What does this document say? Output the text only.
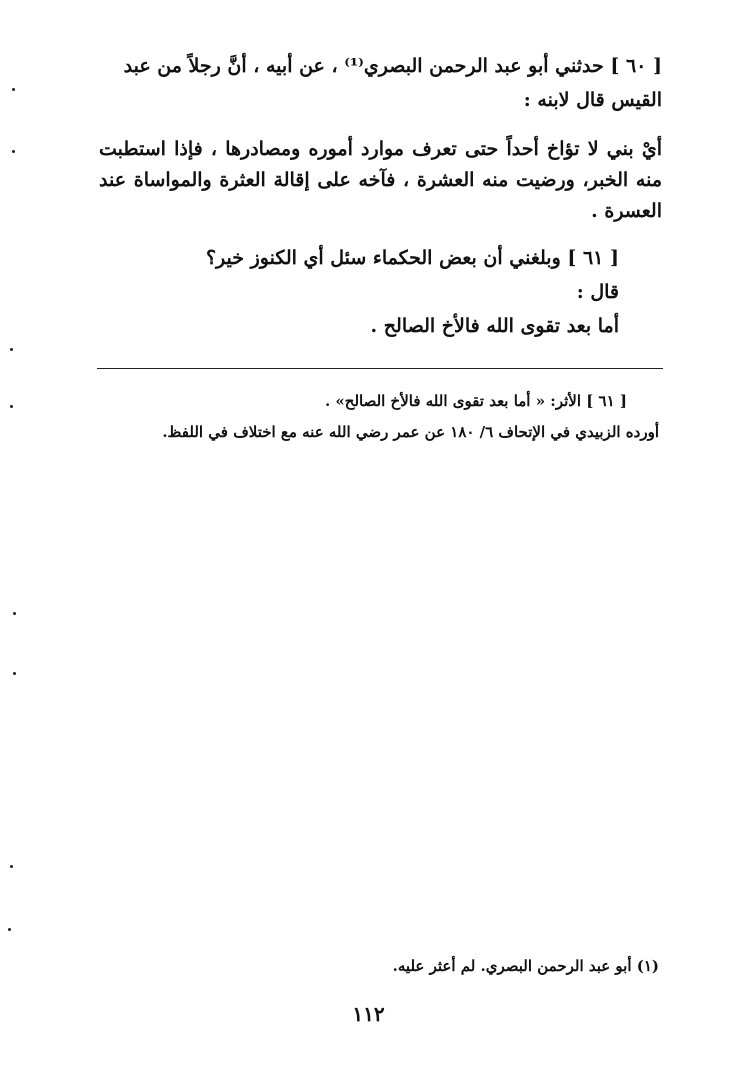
[ ٦٠ ] حدثني أبو عبد الرحمن البصري⁽¹⁾ ، عن أبيه ، أنَّ رجلاً من عبد
القيس قال لابنه :
أيْ بني لا تؤاخ أحداً حتى تعرف موارد أموره ومصادرها ، فإذا استطبت
منه الخبر، ورضيت منه العشرة ، فآخه على إقالة العثرة والمواساة عند
العسرة .
[ ٦١ ] وبلغني أن بعض الحكماء سئل أي الكنوز خير؟
قال :
أما بعد تقوى الله فالأخ الصالح .
[ ٦١ ] الأثر: « أما بعد تقوى الله فالأخ الصالح» .
أورده الزبيدي في الإتحاف ٦/ ١٨٠ عن عمر رضي الله عنه مع اختلاف في اللفظ.
(١) أبو عبد الرحمن البصري. لم أعثر عليه.
١١٢
